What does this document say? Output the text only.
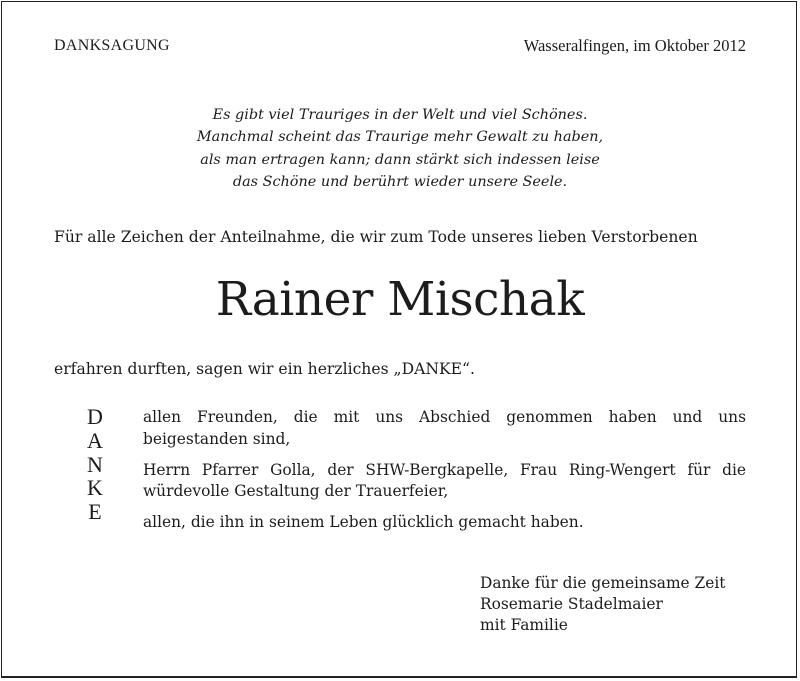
DANKSAGUNG	Wasseralfingen, im Oktober 2012
Es gibt viel Trauriges in der Welt und viel Schönes.
Manchmal scheint das Traurige mehr Gewalt zu haben,
als man ertragen kann; dann stärkt sich indessen leise
das Schöne und berührt wieder unsere Seele.
Für alle Zeichen der Anteilnahme, die wir zum Tode unseres lieben Verstorbenen
Rainer Mischak
erfahren durften, sagen wir ein herzliches „DANKE“.
D
A
N
K
E
allen Freunden, die mit uns Abschied genommen haben und uns
beigestanden sind,
Herrn Pfarrer Golla, der SHW-Bergkapelle, Frau Ring-Wengert für die
würdevolle Gestaltung der Trauerfeier,
allen, die ihn in seinem Leben glücklich gemacht haben.
Danke für die gemeinsame Zeit
Rosemarie Stadelmaier
mit Familie
